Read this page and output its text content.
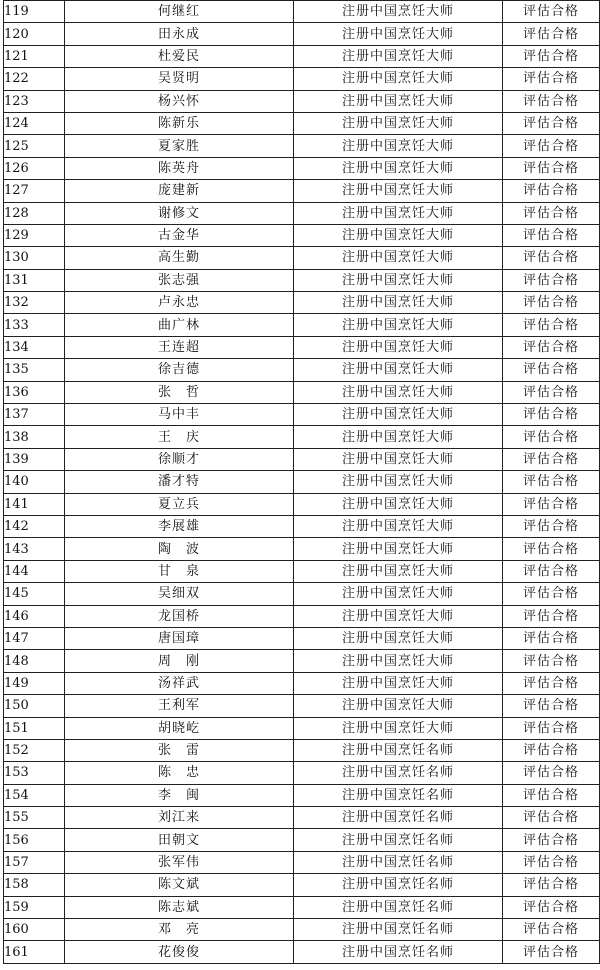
119	何继红	注册中国烹饪大师	评估合格
120	田永成	注册中国烹饪大师	评估合格
121	杜爱民	注册中国烹饪大师	评估合格
122	吴贤明	注册中国烹饪大师	评估合格
123	杨兴怀	注册中国烹饪大师	评估合格
124	陈新乐	注册中国烹饪大师	评估合格
125	夏家胜	注册中国烹饪大师	评估合格
126	陈英舟	注册中国烹饪大师	评估合格
127	庞建新	注册中国烹饪大师	评估合格
128	谢修文	注册中国烹饪大师	评估合格
129	古金华	注册中国烹饪大师	评估合格
130	高生勤	注册中国烹饪大师	评估合格
131	张志强	注册中国烹饪大师	评估合格
132	卢永忠	注册中国烹饪大师	评估合格
133	曲广林	注册中国烹饪大师	评估合格
134	王连超	注册中国烹饪大师	评估合格
135	徐吉德	注册中国烹饪大师	评估合格
136	张　哲	注册中国烹饪大师	评估合格
137	马中丰	注册中国烹饪大师	评估合格
138	王　庆	注册中国烹饪大师	评估合格
139	徐顺才	注册中国烹饪大师	评估合格
140	潘才特	注册中国烹饪大师	评估合格
141	夏立兵	注册中国烹饪大师	评估合格
142	李展雄	注册中国烹饪大师	评估合格
143	陶　波	注册中国烹饪大师	评估合格
144	甘　泉	注册中国烹饪大师	评估合格
145	吴细双	注册中国烹饪大师	评估合格
146	龙国桥	注册中国烹饪大师	评估合格
147	唐国璋	注册中国烹饪大师	评估合格
148	周　刚	注册中国烹饪大师	评估合格
149	汤祥武	注册中国烹饪大师	评估合格
150	王利军	注册中国烹饪大师	评估合格
151	胡晓屹	注册中国烹饪大师	评估合格
152	张　雷	注册中国烹饪名师	评估合格
153	陈　忠	注册中国烹饪名师	评估合格
154	李　闽	注册中国烹饪名师	评估合格
155	刘江来	注册中国烹饪名师	评估合格
156	田朝文	注册中国烹饪名师	评估合格
157	张军伟	注册中国烹饪名师	评估合格
158	陈文斌	注册中国烹饪名师	评估合格
159	陈志斌	注册中国烹饪名师	评估合格
160	邓　亮	注册中国烹饪名师	评估合格
161	花俊俊	注册中国烹饪名师	评估合格
